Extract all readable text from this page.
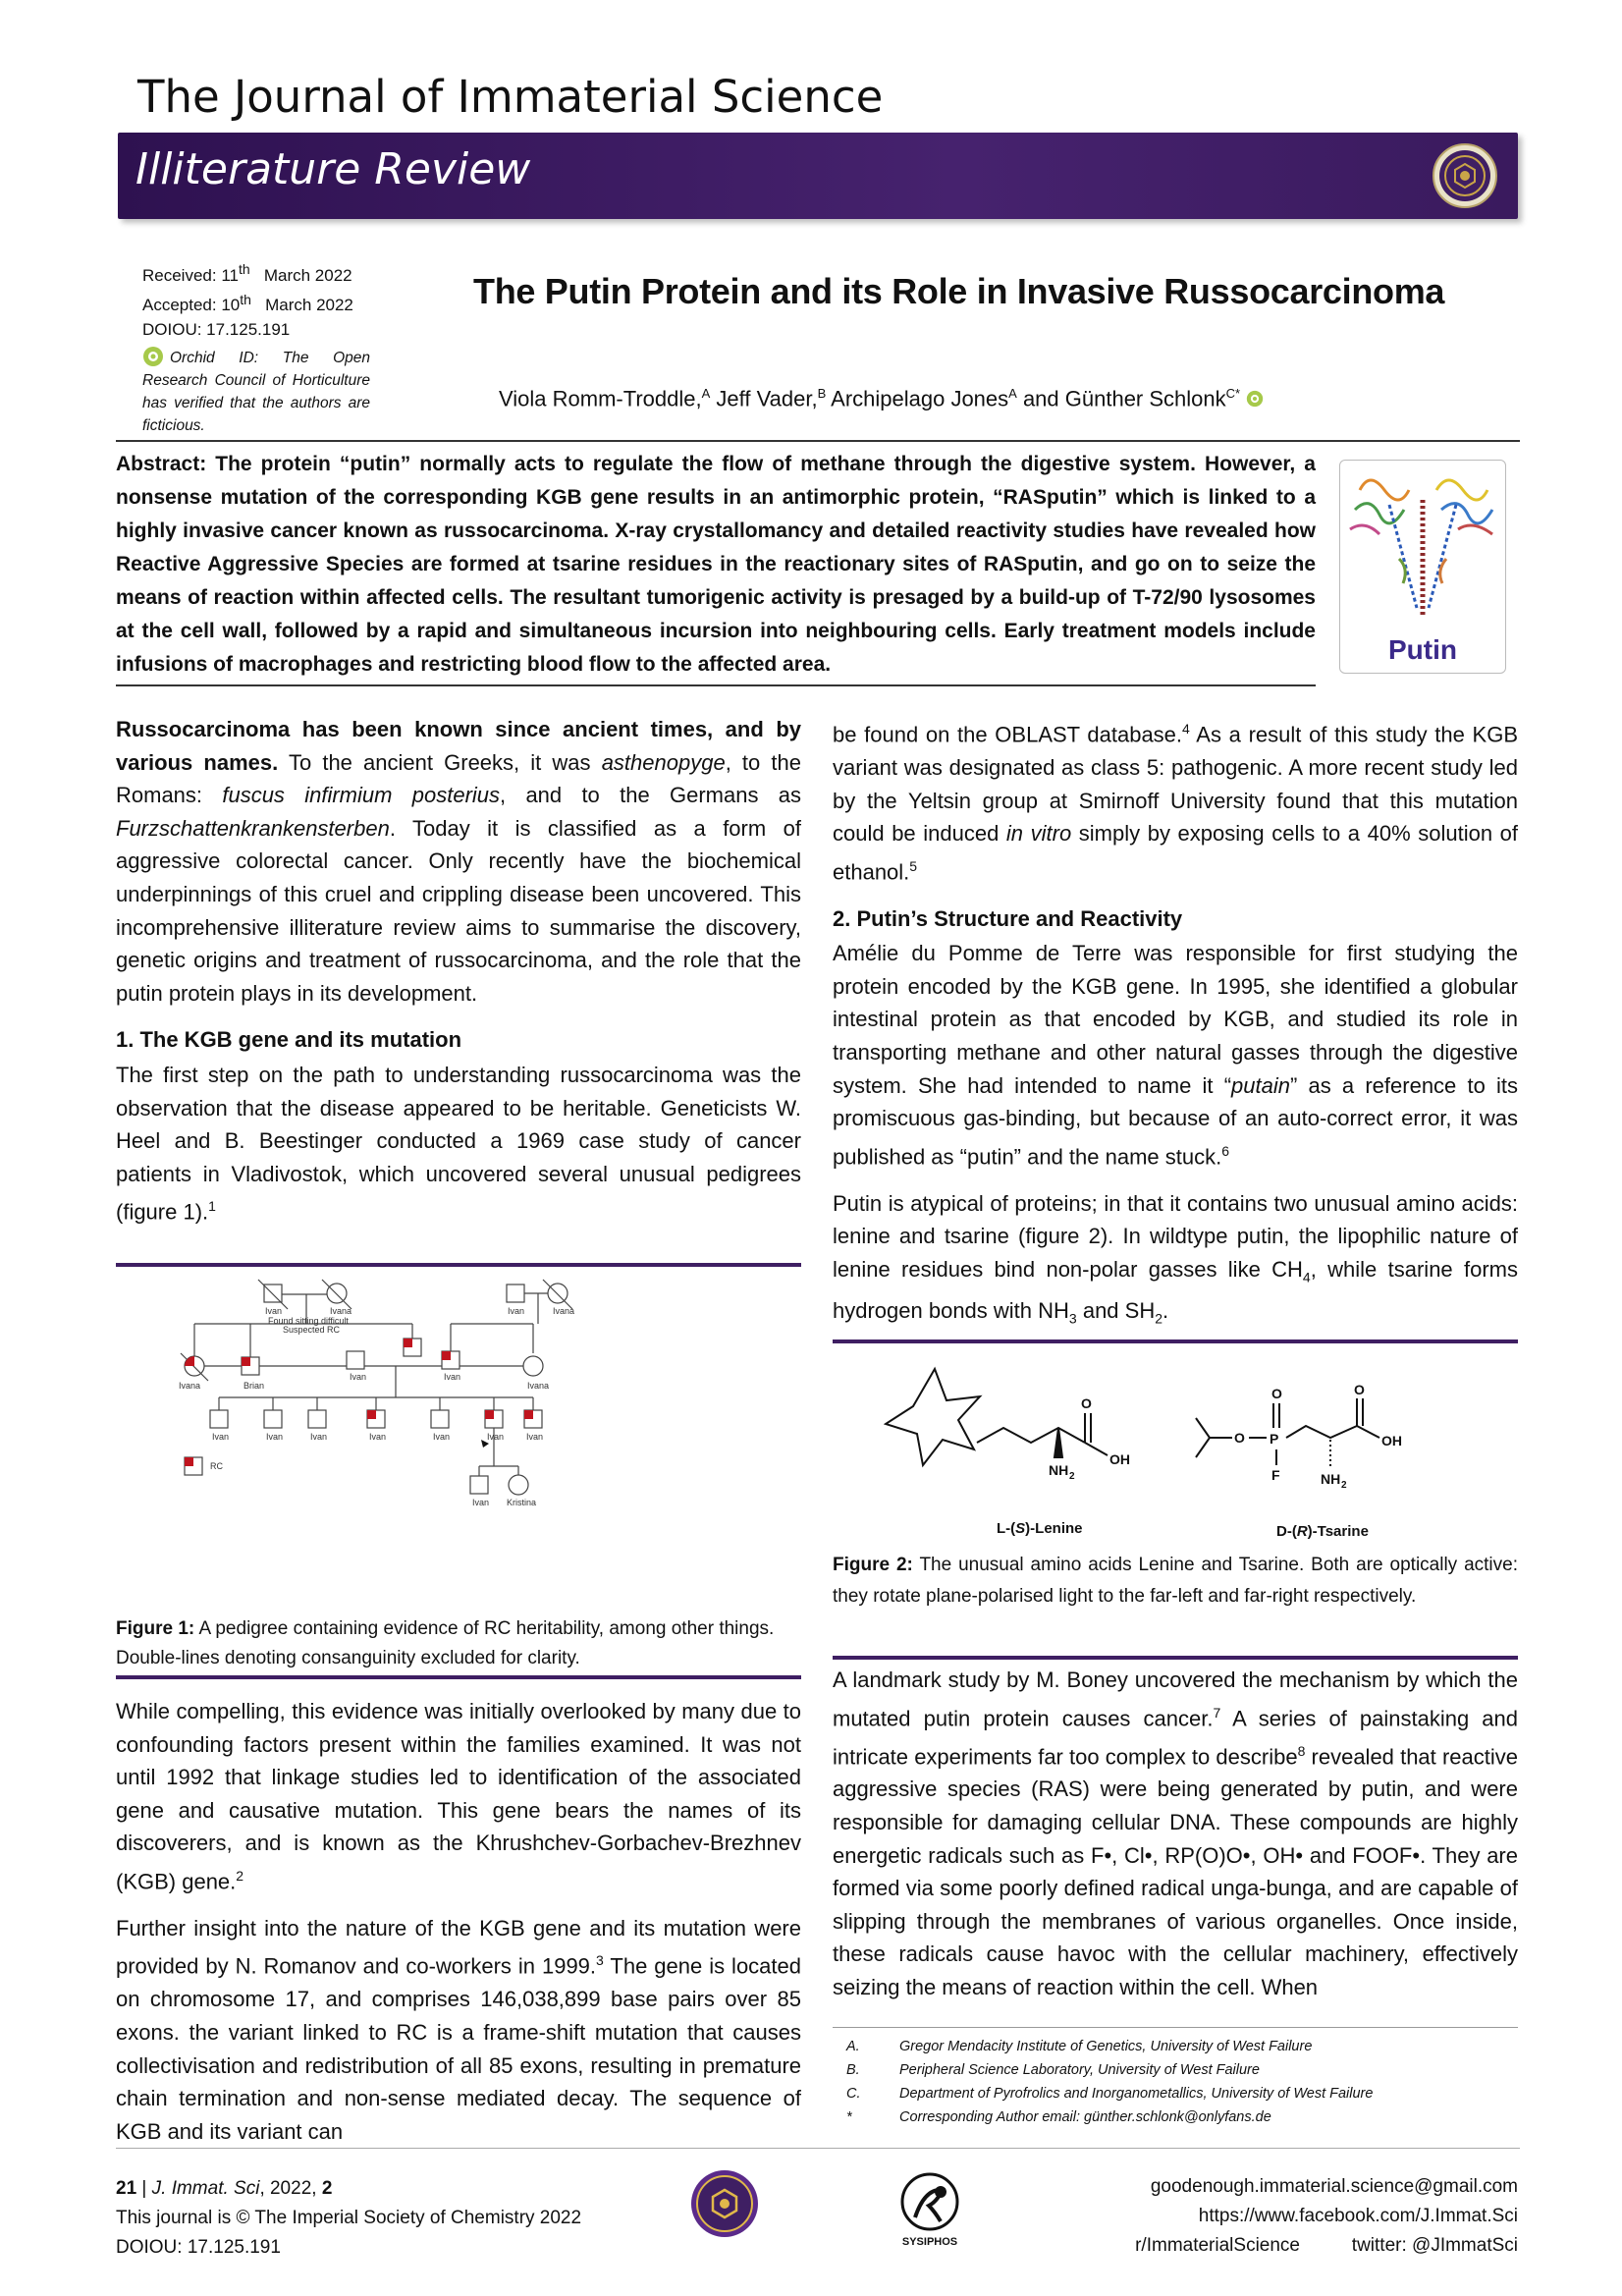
The Journal of Immaterial Science
Illiterature Review
Received: 11th March 2022
Accepted: 10th March 2022
DOIOU: 17.125.191
Orchid ID: The Open Research Council of Horticulture has verified that the authors are ficticious.
The Putin Protein and its Role in Invasive Russocarcinoma
Viola Romm-Troddle,$^A$ Jeff Vader,$^B$ Archipelago Jones$^A$ and Günther Schlonk$^{C*}$
Abstract: The protein “putin” normally acts to regulate the flow of methane through the digestive system. However, a nonsense mutation of the corresponding KGB gene results in an antimorphic protein, “RASputin” which is linked to a highly invasive cancer known as russocarcinoma. X-ray crystallomancy and detailed reactivity studies have revealed how Reactive Aggressive Species are formed at tsarine residues in the reactionary sites of RASputin, and go on to seize the means of reaction within affected cells. The resultant tumorigenic activity is presaged by a build-up of T-72/90 lysosomes at the cell wall, followed by a rapid and simultaneous incursion into neighbouring cells. Early treatment models include infusions of macrophages and restricting blood flow to the affected area.	Putin

Russocarcinoma has been known since ancient times, and by various names. To the ancient Greeks, it was asthenopyge, to the Romans: fuscus infirmium posterius, and to the Germans as Furzschattenkrankensterben. Today it is classified as a form of aggressive colorectal cancer. Only recently have the biochemical underpinnings of this cruel and crippling disease been uncovered. This incomprehensive illiterature review aims to summarise the discovery, genetic origins and treatment of russocarcinoma, and the role that the putin protein plays in its development.

1. The KGB gene and its mutation

The first step on the path to understanding russocarcinoma was the observation that the disease appeared to be heritable. Geneticists W. Heel and B. Beestinger conducted a 1969 case study of cancer patients in Vladivostok, which uncovered several unusual pedigrees (figure 1).$^1$

Ivan	Ivana	Ivan	Ivana
Found sitting difficult
Suspected RC
Ivana	Brian
Ivan	Ivan
Ivana
Ivan	Ivan	Ivan	Ivan	Ivan	Ivan	Ivan
Ivan Kristina
RC
Figure 1: A pedigree containing evidence of RC heritability, among other things. Double-lines denoting consanguinity excluded for clarity.

While compelling, this evidence was initially overlooked by many due to confounding factors present within the families examined. It was not until 1992 that linkage studies led to identification of the associated gene and causative mutation. This gene bears the names of its discoverers, and is known as the Khrushchev-Gorbachev-Brezhnev (KGB) gene.$^2$

Further insight into the nature of the KGB gene and its mutation were provided by N. Romanov and co-workers in 1999.$^3$ The gene is located on chromosome 17, and comprises 146,038,899 base pairs over 85 exons. the variant linked to RC is a frame-shift mutation that causes collectivisation and redistribution of all 85 exons, resulting in premature chain termination and non-sense mediated decay. The sequence of KGB and its variant can

be found on the OBLAST database.$^4$ As a result of this study the KGB variant was designated as class 5: pathogenic. A more recent study led by the Yeltsin group at Smirnoff University found that this mutation could be induced in vitro simply by exposing cells to a 40% solution of ethanol.$^5$

2. Putin’s Structure and Reactivity

Amélie du Pomme de Terre was responsible for first studying the protein encoded by the KGB gene. In 1995, she identified a globular intestinal protein as that encoded by KGB, and studied its role in transporting methane and other natural gasses through the digestive system. She had intended to name it “putain” as a reference to its promiscuous gas-binding, but because of an auto-correct error, it was published as “putin” and the name stuck.$^6$

Putin is atypical of proteins; in that it contains two unusual amino acids: lenine and tsarine (figure 2). In wildtype putin, the lipophilic nature of lenine residues bind non-polar gasses like $CH_4$, while tsarine forms hydrogen bonds with $NH_3$ and $SH_2$.

O
OH
NH 2
O P
O
F
O
OH
NH 2
L-(S)-Lenine	D-(R)-Tsarine
Figure 2: The unusual amino acids Lenine and Tsarine. Both are optically active: they rotate plane-polarised light to the far-left and far-right respectively.

A landmark study by M. Boney uncovered the mechanism by which the mutated putin protein causes cancer.$^7$ A series of painstaking and intricate experiments far too complex to describe$^8$ revealed that reactive aggressive species (RAS) were being generated by putin, and were responsible for damaging cellular DNA. These compounds are highly energetic radicals such as F•, Cl•, RP(O)O•, OH• and FOOF•. They are formed via some poorly defined radical unga-bunga, and are capable of slipping through the membranes of various organelles. Once inside, these radicals cause havoc with the cellular machinery, effectively seizing the means of reaction within the cell. When

A.	Gregor Mendacity Institute of Genetics, University of West Failure
B.	Peripheral Science Laboratory, University of West Failure
C.	Department of Pyrofrolics and Inorganometallics, University of West Failure
*	Corresponding Author email: günther.schlonk@onlyfans.de
21 | J. Immat. Sci, 2022, 2
This journal is © The Imperial Society of Chemistry 2022
DOIOU: 17.125.191	SYSIPHOS
goodenough.immaterial.science@gmail.com
https://www.facebook.com/J.Immat.Sci
r/ImmaterialScience	twitter: @JImmatSci
